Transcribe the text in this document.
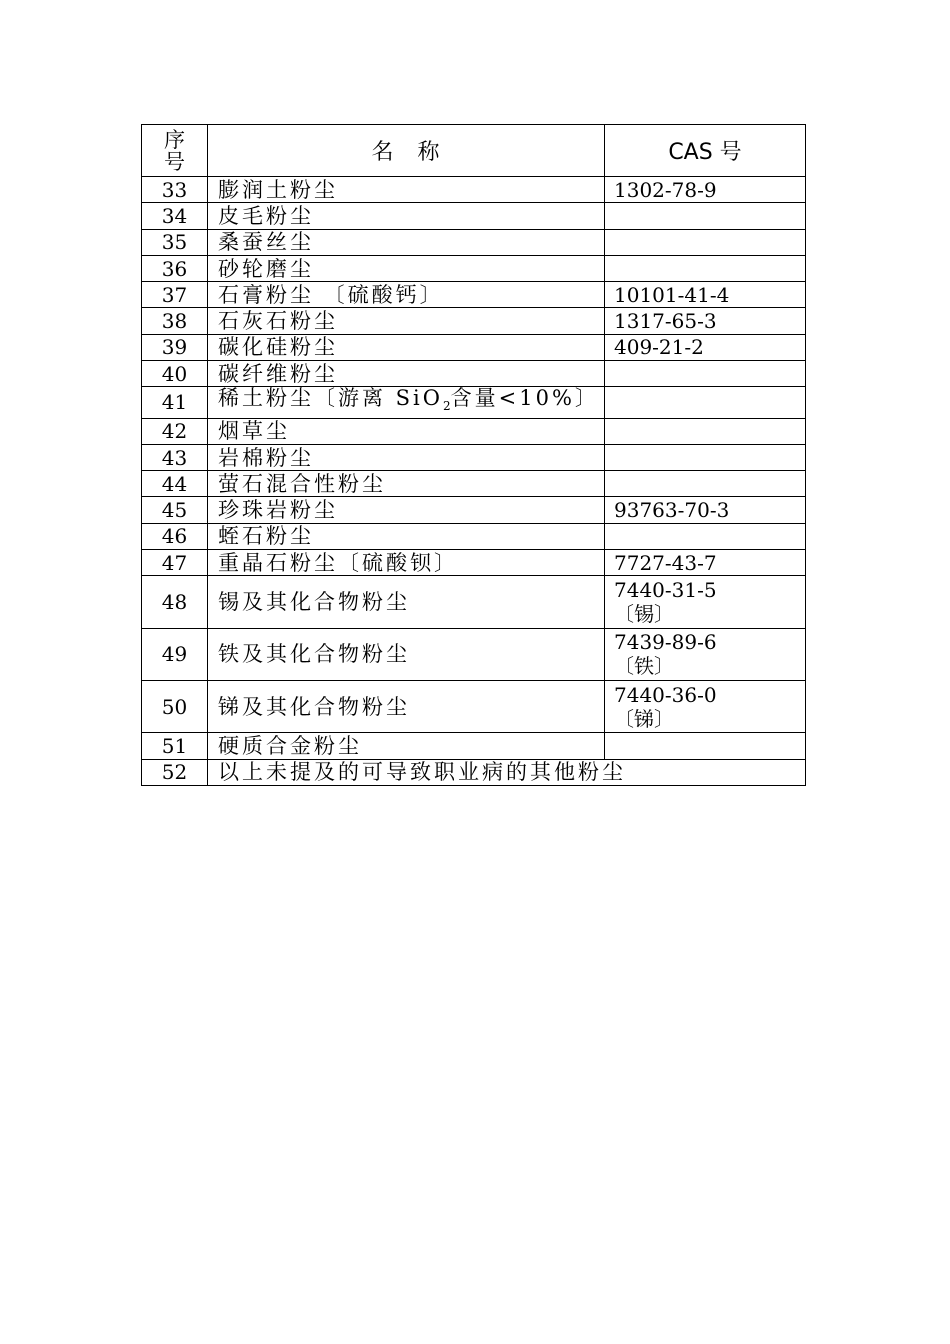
序
号	名　称	CAS 号
33	膨润土粉尘	1302-78-9
34	皮毛粉尘	
35	桑蚕丝尘	
36	砂轮磨尘	
37	石膏粉尘 〔硫酸钙〕	10101-41-4
38	石灰石粉尘	1317-65-3
39	碳化硅粉尘	409-21-2
40	碳纤维粉尘	
41	稀土粉尘〔游离 SiO$_2$含量<10%〕	
42	烟草尘	
43	岩棉粉尘	
44	萤石混合性粉尘	
45	珍珠岩粉尘	93763-70-3
46	蛭石粉尘	
47	重晶石粉尘〔硫酸钡〕	7727-43-7
48	锡及其化合物粉尘	7440-31-5
〔锡〕

49	铁及其化合物粉尘	7439-89-6
〔铁〕

50	锑及其化合物粉尘	7440-36-0
〔锑〕

51	硬质合金粉尘	
52	以上未提及的可导致职业病的其他粉尘	
